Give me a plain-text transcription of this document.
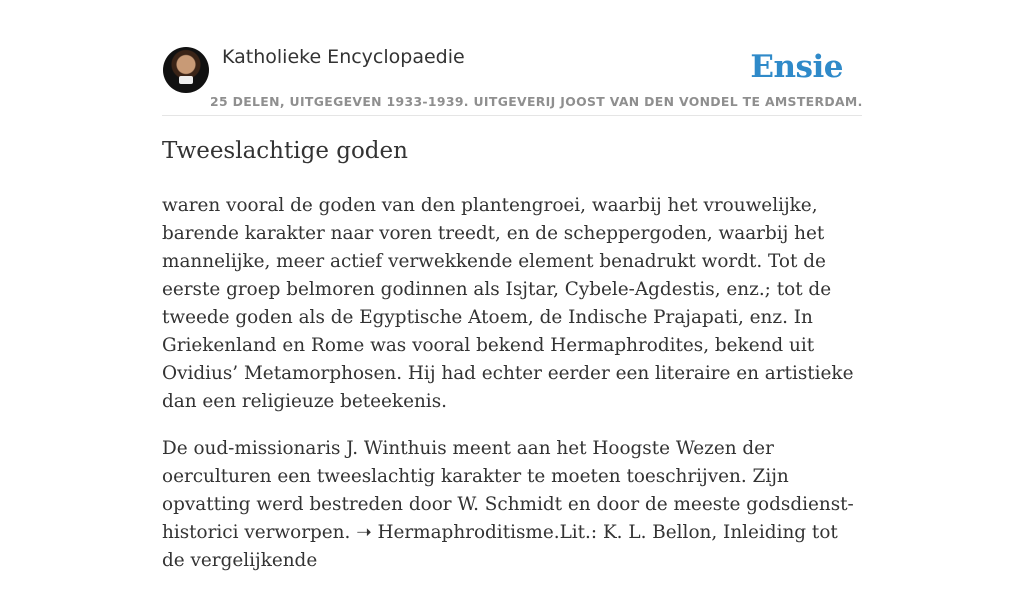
Katholieke Encyclopaedie
25 DELEN, UITGEGEVEN 1933-1939. UITGEVERIJ JOOST VAN DEN VONDEL TE AMSTERDAM.
Ensie
Tweeslachtige goden

waren vooral de goden van den plantengroei, waarbij het vrouwelijke, barende karakter naar voren treedt, en de scheppergoden, waarbij het mannelijke, meer actief verwekkende element benadrukt wordt. Tot de eerste groep belmoren godinnen als Isjtar, Cybele-Agdestis, enz.; tot de tweede goden als de Egyptische Atoem, de Indische Prajapati, enz. In Griekenland en Rome was vooral bekend Hermaphrodites, bekend uit Ovidius’ Metamorphosen. Hij had echter eerder een literaire en artistieke dan een religieuze beteekenis.

De oud-missionaris J. Winthuis meent aan het Hoogste Wezen der oerculturen een tweeslachtig karakter te moeten toeschrijven. Zijn opvatting werd bestreden door W. Schmidt en door de meeste godsdienst-historici verworpen. ➝ Hermaphroditisme.Lit.: K. L. Bellon, Inleiding tot de vergelijkende
